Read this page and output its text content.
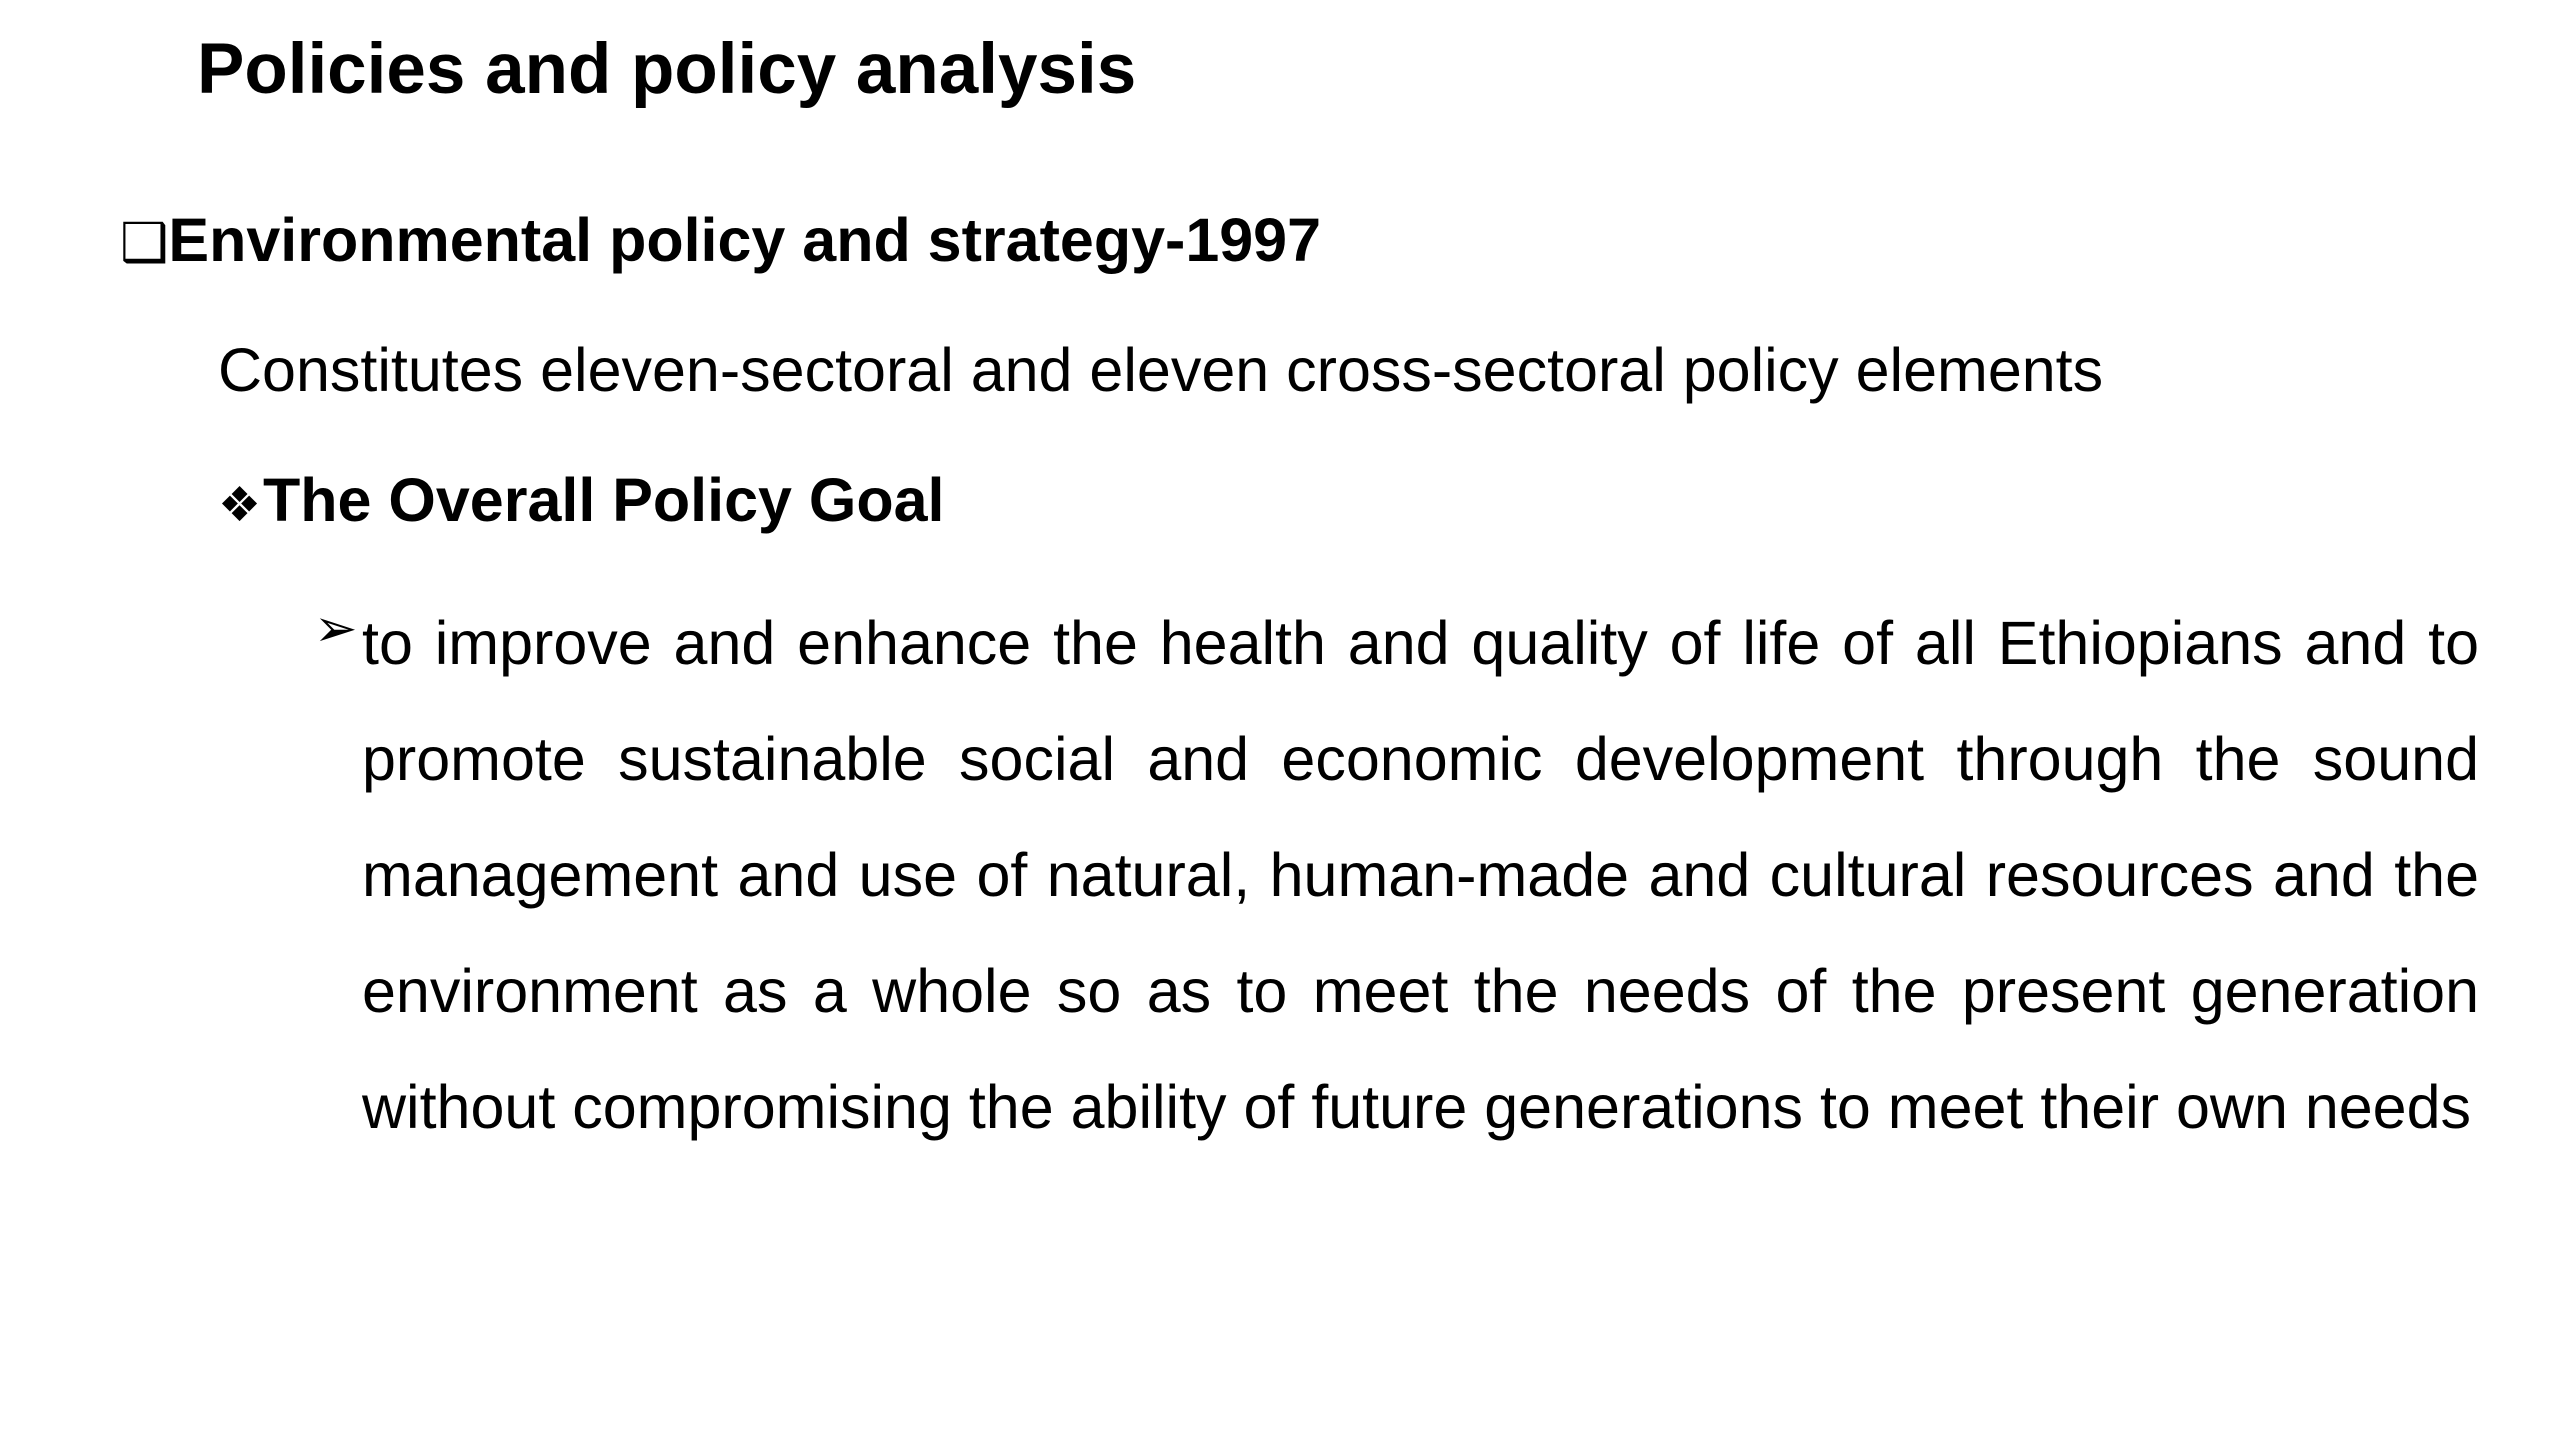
Policies and policy analysis
❑ Environmental policy and strategy-1997
Constitutes eleven-sectoral and eleven cross-sectoral policy elements
❖ The Overall Policy Goal
➢ to improve and enhance the health and quality of life of all Ethiopians and to promote sustainable social and economic development through the sound management and use of natural, human-made and cultural resources and the environment as a whole so as to meet the needs of the present generation without compromising the ability of future generations to meet their own needs
